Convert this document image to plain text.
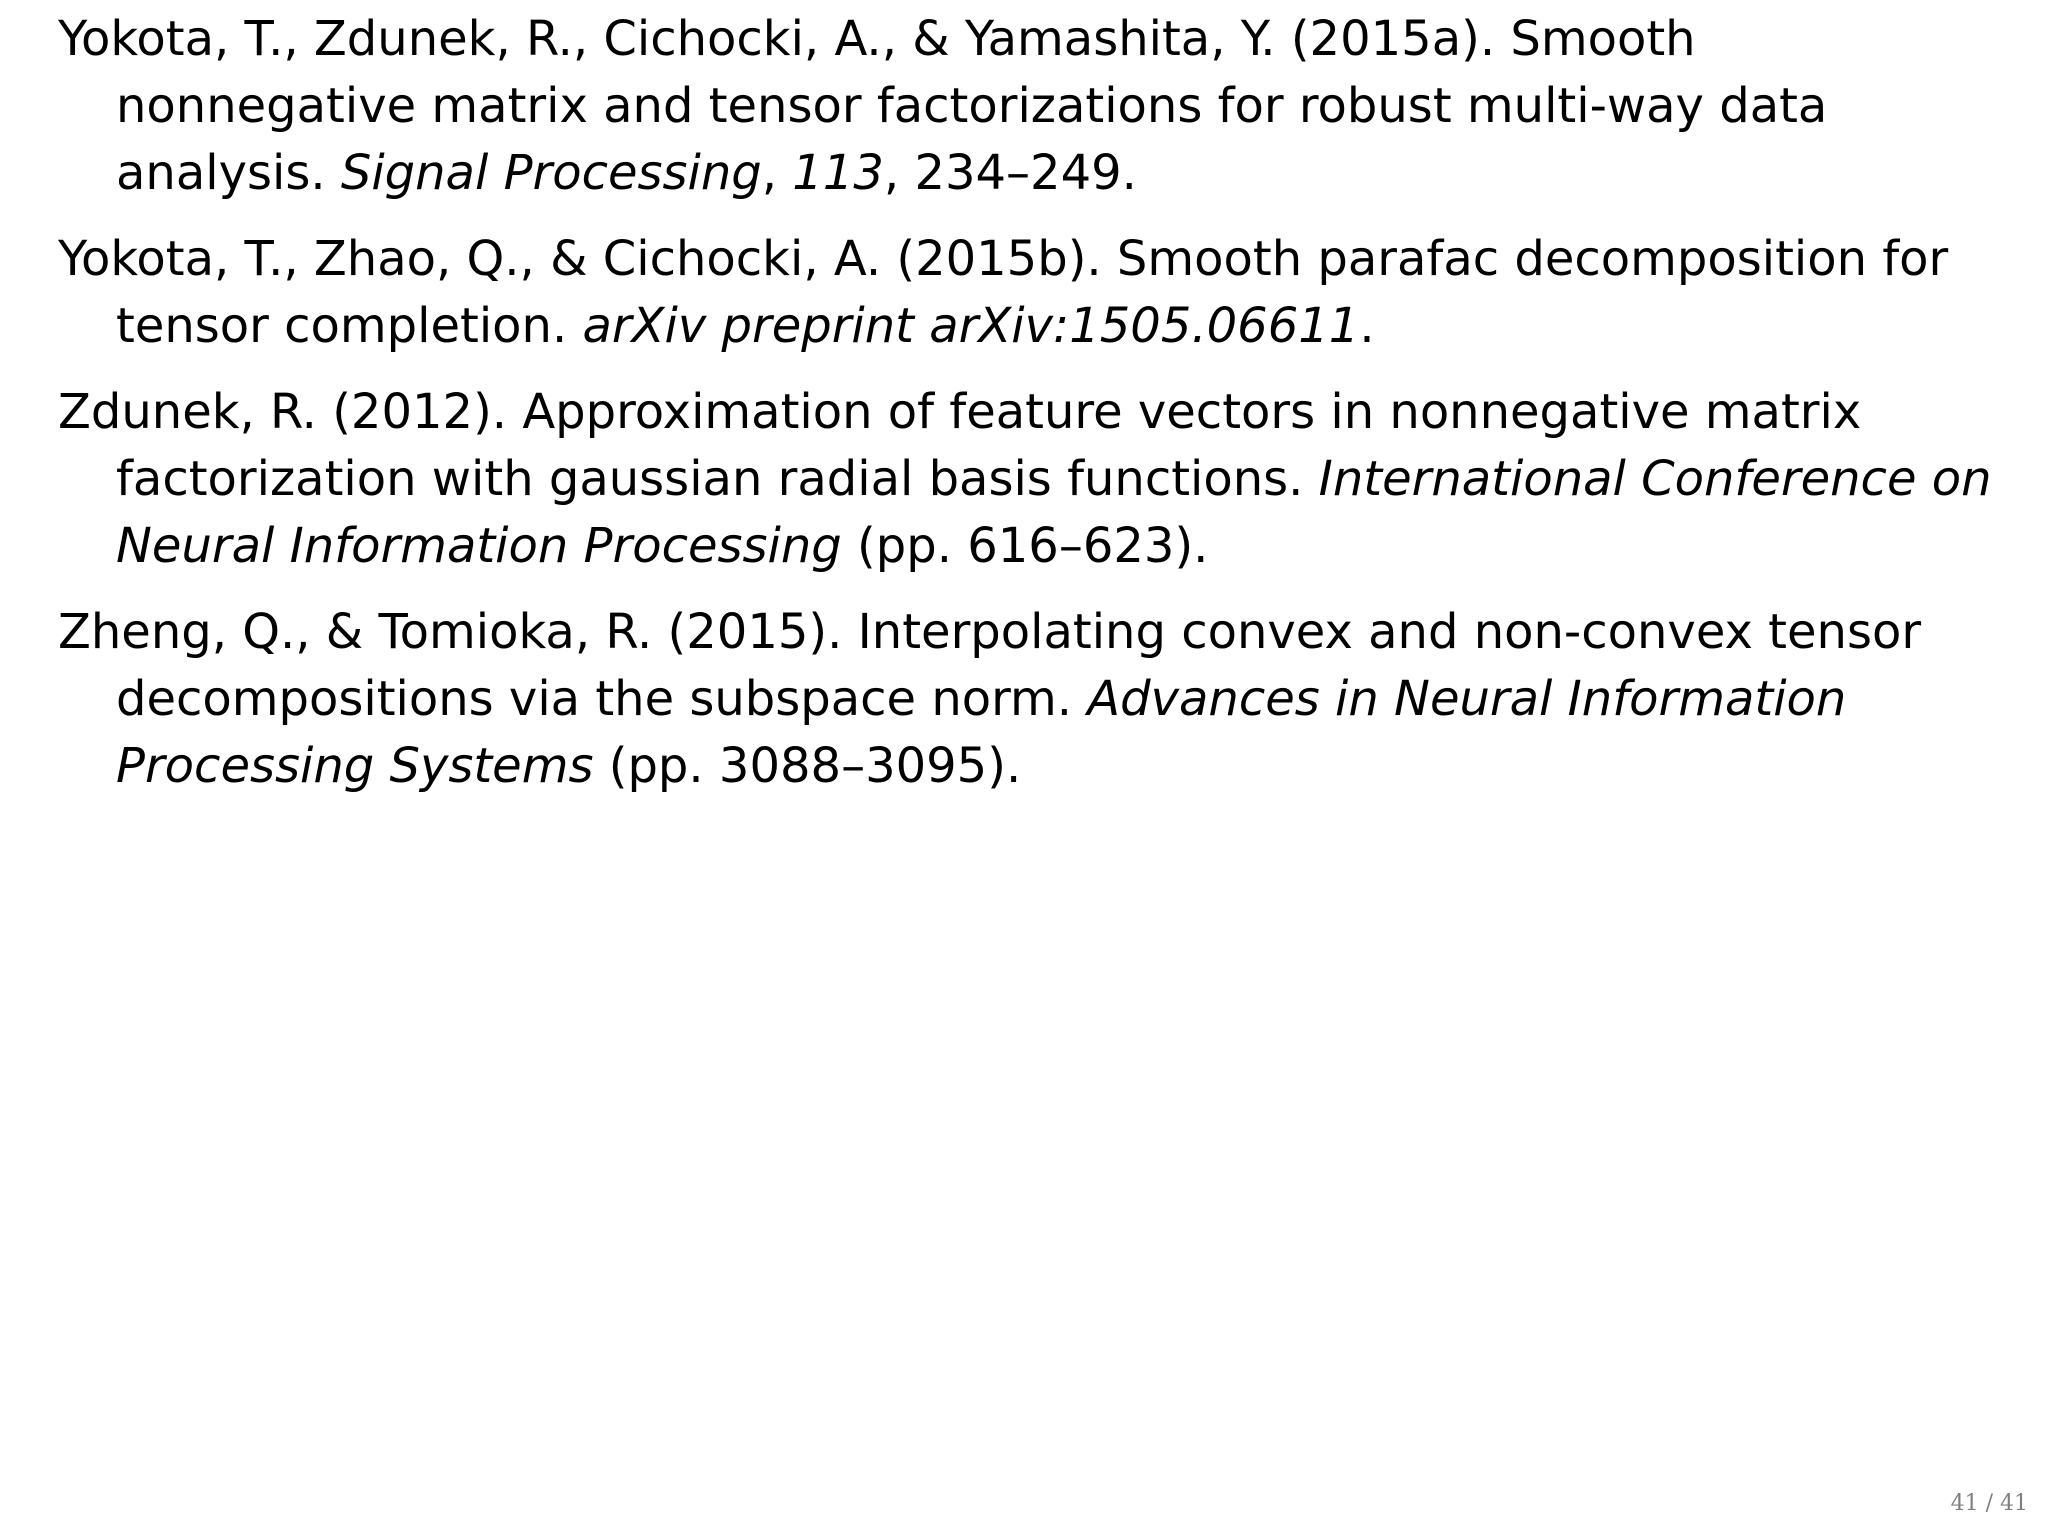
Yokota, T., Zdunek, R., Cichocki, A., & Yamashita, Y. (2015a). Smooth nonnegative matrix and tensor factorizations for robust multi-way data analysis. Signal Processing, 113, 234–249.
Yokota, T., Zhao, Q., & Cichocki, A. (2015b). Smooth parafac decomposition for tensor completion. arXiv preprint arXiv:1505.06611.
Zdunek, R. (2012). Approximation of feature vectors in nonnegative matrix factorization with gaussian radial basis functions. International Conference on Neural Information Processing (pp. 616–623).
Zheng, Q., & Tomioka, R. (2015). Interpolating convex and non-convex tensor decompositions via the subspace norm. Advances in Neural Information Processing Systems (pp. 3088–3095).
41 / 41
